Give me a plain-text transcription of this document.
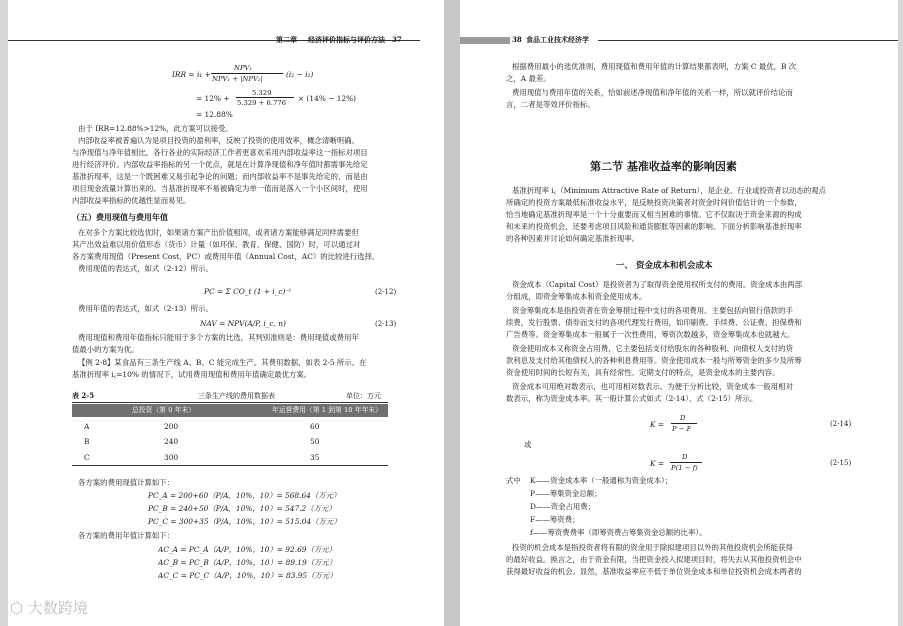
第二章 经济评价指标与评价方法 37
IRR = i₁ +
NPV₁
NPV₁ + |NPV₂|	(i₂ − i₁)
= 12% +
5.329
5.329 + 6.776 × (14% − 12%)
= 12.88%
由于 IRR=12.88%>12%，此方案可以接受。
内部收益率被普遍认为是项目投资的盈利率，反映了投资的使用效率，概念清晰明确。
与净现值与净年值相比，各行各业的实际经济工作者更喜欢采用内部收益率这一指标对项目
进行经济评价。内部收益率指标的另一个优点，就是在计算净现值和净年值时都需事先给定
基准折现率，这是一个既困难又易引起争论的问题；而内部收益率不是事先给定的，而是由
项目现金流量计算出来的。当基准折现率不易被确定为单一值而是落入一个小区间时，使用
内部收益率指标的优越性显而易见。
（五）费用现值与费用年值
在对多个方案比较选优时，如果诸方案产出价值相同，或者诸方案能够满足同样需要但
其产出效益难以用价值形态（货币）计量（如环保、教育、保健、国防）时，可以通过对
各方案费用现值（Present Cost，PC）或费用年值（Annual Cost，AC）的比较进行选择。
费用现值的表达式，如式（2-12）所示。
PC = Σ CO_t (1 + i_c)⁻ᵗ	(2-12)
费用年值的表达式，如式（2-13）所示。
NAV = NPV(A/P, i_c, n)	(2-13)
费用现值和费用年值指标只能用于多个方案的比选，其判别准则是：费用现值或费用年
值最小的方案为优。
【例 2-8】某食品有三条生产线 A、B、C 能完成生产。其费用数据，如表 2-5 所示。在
基准折现率 i꜀=10% 的情况下，试用费用现值和费用年值确定最优方案。
表 2-5	三条生产线的费用数据表	单位：万元
总投资（第 0 年末）	年运营费用（第 1 到第 10 年年末）
A	200	60
B	240	50
C	300	35
各方案的费用现值计算如下：
PC_A = 200+60（P/A，10%，10）= 568.64（万元）
PC_B = 240+50（P/A，10%，10）= 547.2（万元）
PC_C = 300+35（P/A，10%，10）= 515.04（万元）
各方案的费用年值计算如下：
AC_A = PC_A（A/P，10%，10）= 92.69（万元）
AC_B = PC_B（A/P，10%，10）= 89.19（万元）
AC_C = PC_C（A/P，10%，10）= 83.95（万元）
38 食品工业技术经济学
根据费用最小的选优准则，费用现值和费用年值的计算结果都表明，方案 C 最优，B 次
之，A 最差。
费用现值与费用年值的关系，恰如前述净现值和净年值的关系一样，所以就评价结论而
言，二者是等效评价指标。
第二节 基准收益率的影响因素
基准折现率 i꜀（Minimum Attractive Rate of Return），是企业、行业或投资者以动态的观点
所确定的投资方案最低标准收益水平，是反映投资决策者对资金时间价值估计的一个参数，
恰当地确定基准折现率是一个十分重要而又相当困难的事情。它不仅取决于资金来源的构成
和未来的投资机会，还要考虑项目风险和通货膨胀等因素的影响。下面分析影响基准折现率
的各种因素并讨论如何确定基准折现率。
一、 资金成本和机会成本
资金成本（Capital Cost）是投资者为了取得资金使用权所支付的费用。资金成本由两部
分组成，即资金筹集成本和资金使用成本。
资金筹集成本是指投资者在资金筹措过程中支付的各项费用。主要包括向银行借款的手
续费，发行股票、债券而支付的各项代理发行费用，如印刷费、手续费、公证费、担保费和
广告费等。资金筹集成本一般属于一次性费用，筹资次数越多，资金筹集成本也就越大。
资金使用成本又称资金占用费，它主要包括支付给股东的各种股利、向债权人支付的贷
款利息及支付给其他债权人的各种利息费用等。资金使用成本一般与所筹资金的多少及所筹
资金使用时间的长短有关，具有经常性、定期支付的特点，是资金成本的主要内容。
资金成本可用绝对数表示，也可用相对数表示。为便于分析比较，资金成本一般用相对
数表示，称为资金成本率。其一般计算公式如式（2-14）、式（2-15）所示。
K =
D
P − F
(2-14)
或
K =
D
P(1 − f)
(2-15)
式中 K——资金成本率（一般通称为资金成本）；
P——筹集资金总额；
D——资金占用费；
F——筹资费；
f——筹资费费率（即筹资费占筹集资金总额的比率）。
投资的机会成本是指投资者将有限的资金用于除拟建项目以外的其他投资机会所能获得
的最好收益。换言之，由于资金有限，当把资金投入拟建项目时，将失去从其他投资机会中
获得最好收益的机会。显然，基准收益率应不低于单位资金成本和单位投资机会成本两者的
⬡ 大数跨境
